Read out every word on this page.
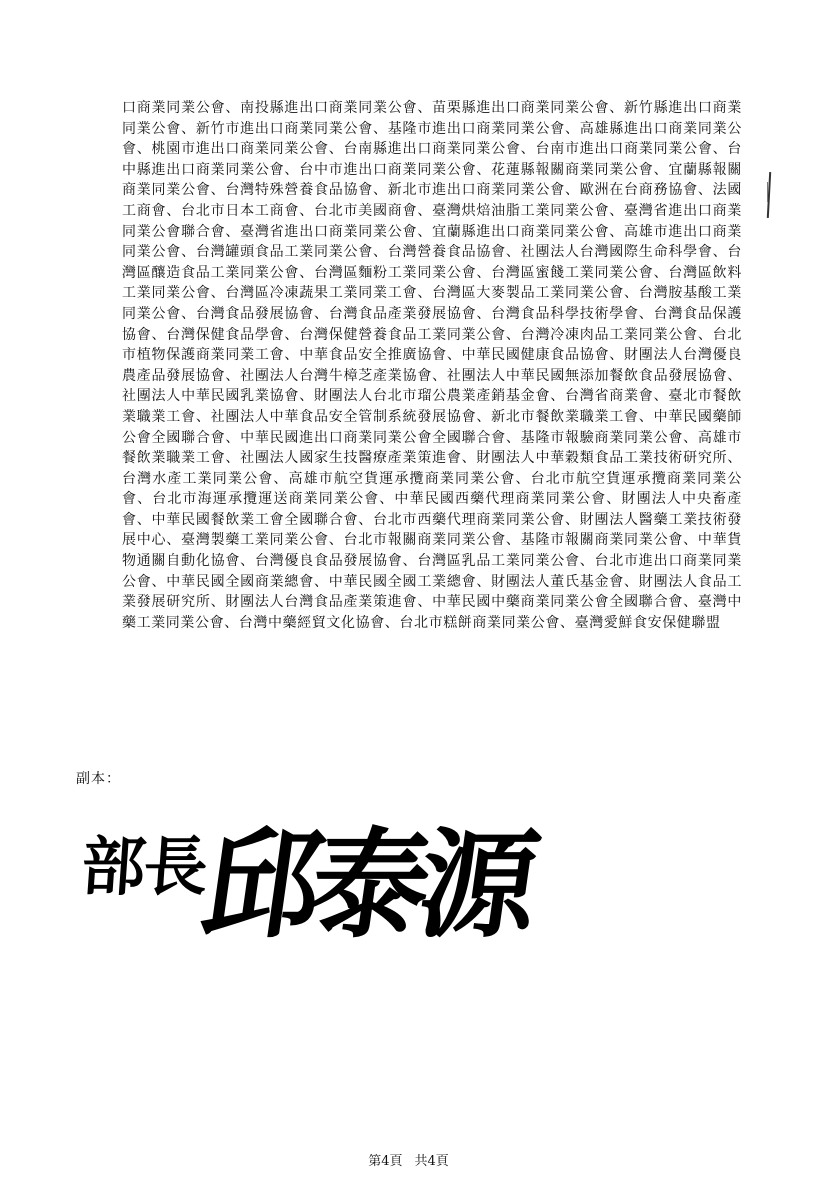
口商業同業公會、南投縣進出口商業同業公會、苗栗縣進出口商業同業公會、新竹縣進出口商業同業公會、新竹市進出口商業同業公會、基隆市進出口商業同業公會、高雄縣進出口商業同業公會、桃園市進出口商業同業公會、台南縣進出口商業同業公會、台南市進出口商業同業公會、台中縣進出口商業同業公會、台中市進出口商業同業公會、花蓮縣報關商業同業公會、宜蘭縣報關商業同業公會、台灣特殊營養食品協會、新北市進出口商業同業公會、歐洲在台商務協會、法國工商會、台北市日本工商會、台北市美國商會、臺灣烘焙油脂工業同業公會、臺灣省進出口商業同業公會聯合會、臺灣省進出口商業同業公會、宜蘭縣進出口商業同業公會、高雄市進出口商業同業公會、台灣罐頭食品工業同業公會、台灣營養食品協會、社團法人台灣國際生命科學會、台灣區釀造食品工業同業公會、台灣區麵粉工業同業公會、台灣區蜜餞工業同業公會、台灣區飲料工業同業公會、台灣區冷凍蔬果工業同業工會、台灣區大麥製品工業同業公會、台灣胺基酸工業同業公會、台灣食品發展協會、台灣食品產業發展協會、台灣食品科學技術學會、台灣食品保護協會、台灣保健食品學會、台灣保健營養食品工業同業公會、台灣冷凍肉品工業同業公會、台北市植物保護商業同業工會、中華食品安全推廣協會、中華民國健康食品協會、財團法人台灣優良農產品發展協會、社團法人台灣牛樟芝產業協會、社團法人中華民國無添加餐飲食品發展協會、社團法人中華民國乳業協會、財團法人台北市瑠公農業產銷基金會、台灣省商業會、臺北市餐飲業職業工會、社團法人中華食品安全管制系統發展協會、新北市餐飲業職業工會、中華民國藥師公會全國聯合會、中華民國進出口商業同業公會全國聯合會、基隆市報驗商業同業公會、高雄市餐飲業職業工會、社團法人國家生技醫療產業策進會、財團法人中華穀類食品工業技術研究所、台灣水產工業同業公會、高雄市航空貨運承攬商業同業公會、台北市航空貨運承攬商業同業公會、台北市海運承攬運送商業同業公會、中華民國西藥代理商業同業公會、財團法人中央畜產會、中華民國餐飲業工會全國聯合會、台北市西藥代理商業同業公會、財團法人醫藥工業技術發展中心、臺灣製藥工業同業公會、台北市報關商業同業公會、基隆市報關商業同業公會、中華貨物通關自動化協會、台灣優良食品發展協會、台灣區乳品工業同業公會、台北市進出口商業同業公會、中華民國全國商業總會、中華民國全國工業總會、財團法人董氏基金會、財團法人食品工業發展研究所、財團法人台灣食品產業策進會、中華民國中藥商業同業公會全國聯合會、臺灣中藥工業同業公會、台灣中藥經貿文化協會、台北市糕餅商業同業公會、臺灣愛鮮食安保健聯盟

副本：

部長
邱泰源

第4頁 共4頁
